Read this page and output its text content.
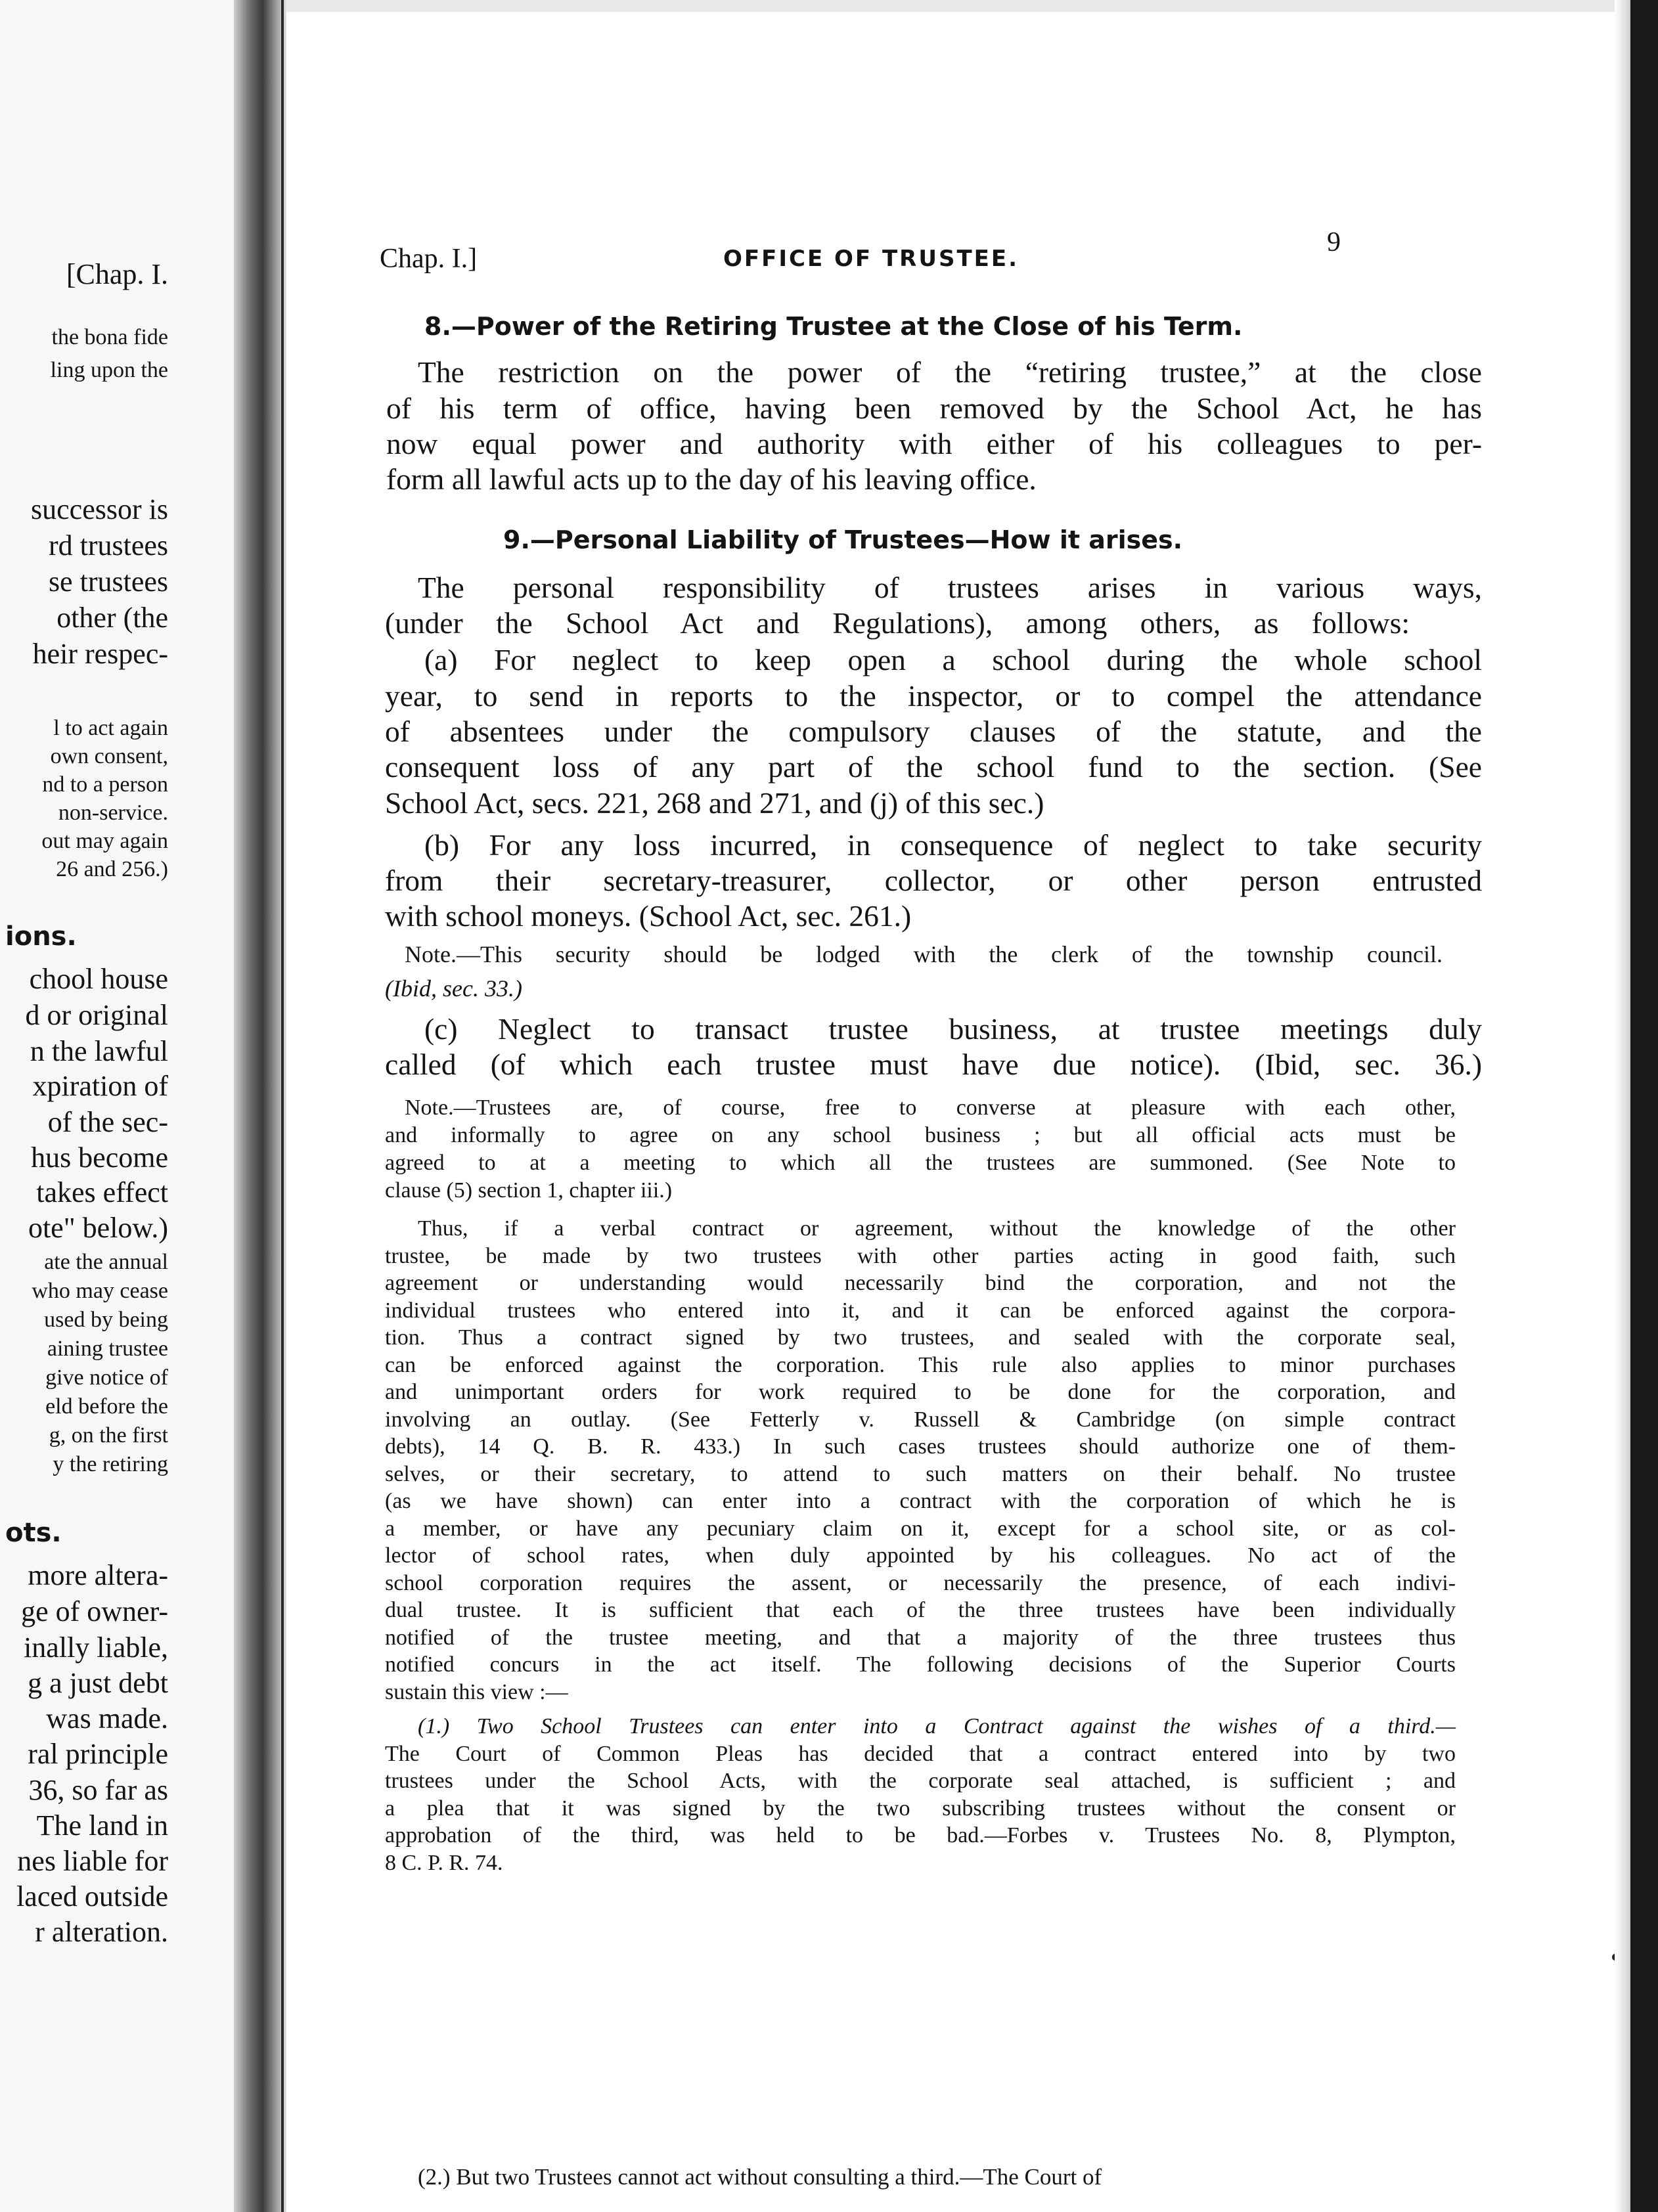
[Chap. I.
the bona fide
ling upon the
successor is
rd trustees
se trustees
other (the
heir respec-
l to act again
own consent,
nd to a person
non-service.
out may again
26 and 256.)
ions.
chool house
d or original
n the lawful
xpiration of
of the sec-
hus become
takes effect
ote" below.)
ate the annual
who may cease
used by being
aining trustee
give notice of
eld before the
g, on the first
y the retiring
ots.
more altera-
ge of owner-
inally liable,
g a just debt
was made.
ral principle
36, so far as
The land in
nes liable for
laced outside
r alteration.
Chap. I.]	OFFICE OF TRUSTEE.
9
8.—Power of the Retiring Trustee at the Close of his Term.
The restriction on the power of the “retiring trustee,” at the close
of his term of office, having been removed by the School Act, he has
now equal power and authority with either of his colleagues to per-
form all lawful acts up to the day of his leaving office.
9.—Personal Liability of Trustees—How it arises.
The personal responsibility of trustees arises in various ways,
(under the School Act and Regulations), among others, as follows:
(a) For neglect to keep open a school during the whole school
year, to send in reports to the inspector, or to compel the attendance
of absentees under the compulsory clauses of the statute, and the
consequent loss of any part of the school fund to the section. (See
School Act, secs. 221, 268 and 271, and (j) of this sec.)
(b) For any loss incurred, in consequence of neglect to take security
from their secretary-treasurer, collector, or other person entrusted
with school moneys. (School Act, sec. 261.)
Note.—This security should be lodged with the clerk of the township council.
(Ibid, sec. 33.)
(c) Neglect to transact trustee business, at trustee meetings duly
called (of which each trustee must have due notice). (Ibid, sec. 36.)
Note.—Trustees are, of course, free to converse at pleasure with each other,
and informally to agree on any school business ; but all official acts must be
agreed to at a meeting to which all the trustees are summoned. (See Note to
clause (5) section 1, chapter iii.)
(2.) But two Trustees cannot act without consulting a third.—The Court of
Thus, if a verbal contract or agreement, without the knowledge of the other
trustee, be made by two trustees with other parties acting in good faith, such
agreement or understanding would necessarily bind the corporation, and not the
individual trustees who entered into it, and it can be enforced against the corpora-
tion. Thus a contract signed by two trustees, and sealed with the corporate seal,
can be enforced against the corporation. This rule also applies to minor purchases
and unimportant orders for work required to be done for the corporation, and
involving an outlay. (See Fetterly v. Russell & Cambridge (on simple contract
debts), 14 Q. B. R. 433.) In such cases trustees should authorize one of them-
selves, or their secretary, to attend to such matters on their behalf. No trustee
(as we have shown) can enter into a contract with the corporation of which he is
a member, or have any pecuniary claim on it, except for a school site, or as col-
lector of school rates, when duly appointed by his colleagues. No act of the
school corporation requires the assent, or necessarily the presence, of each indivi-
dual trustee. It is sufficient that each of the three trustees have been individually
notified of the trustee meeting, and that a majority of the three trustees thus
notified concurs in the act itself. The following decisions of the Superior Courts
sustain this view :—
(1.) Two School Trustees can enter into a Contract against the wishes of a third.—
The Court of Common Pleas has decided that a contract entered into by two
trustees under the School Acts, with the corporate seal attached, is sufficient ; and
a plea that it was signed by the two subscribing trustees without the consent or
approbation of the third, was held to be bad.—Forbes v. Trustees No. 8, Plympton,
8 C. P. R. 74.
